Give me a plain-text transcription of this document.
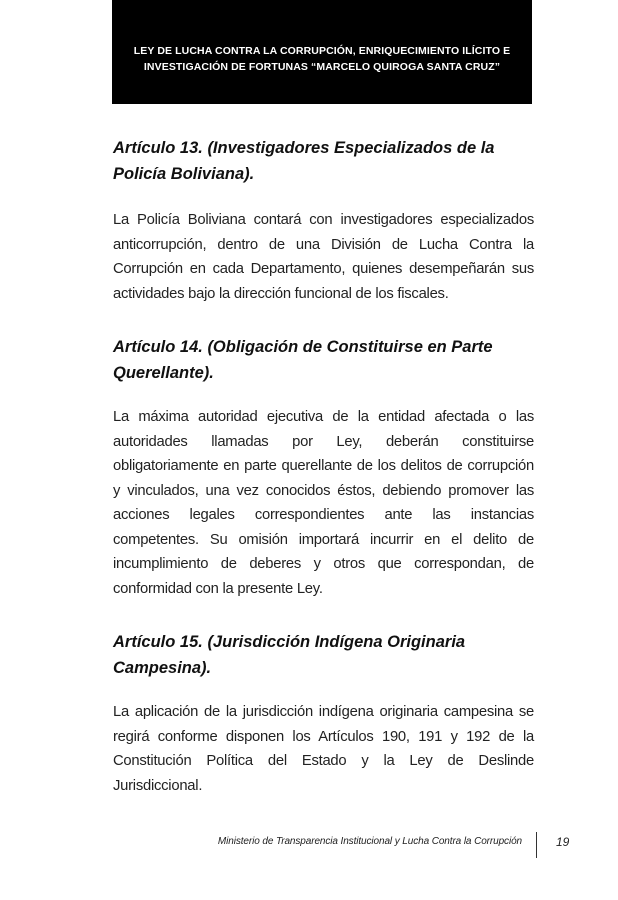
LEY DE LUCHA CONTRA LA CORRUPCIÓN, ENRIQUECIMIENTO ILÍCITO E
INVESTIGACIÓN DE FORTUNAS “MARCELO QUIROGA SANTA CRUZ”

Artículo 13. (Investigadores Especializados de la Policía Boliviana).

La Policía Boliviana contará con investigadores especializados anticorrupción, dentro de una División de Lucha Contra la Corrupción en cada Departamento, quienes desempeñarán sus actividades bajo la dirección funcional de los fiscales.

Artículo 14. (Obligación de Constituirse en Parte Querellante).

La máxima autoridad ejecutiva de la entidad afectada o las autoridades llamadas por Ley, deberán constituirse obligatoriamente en parte querellante de los delitos de corrupción y vinculados, una vez conocidos éstos, debiendo promover las acciones legales correspondientes ante las instancias competentes. Su omisión importará incurrir en el delito de incumplimiento de deberes y otros que correspondan, de conformidad con la presente Ley.

Artículo 15. (Jurisdicción Indígena Originaria Campesina).

La aplicación de la jurisdicción indígena originaria campesina se regirá conforme disponen los Artículos 190, 191 y 192 de la Constitución Política del Estado y la Ley de Deslinde Jurisdiccional.

Ministerio de Transparencia Institucional y Lucha Contra la Corrupción	19
